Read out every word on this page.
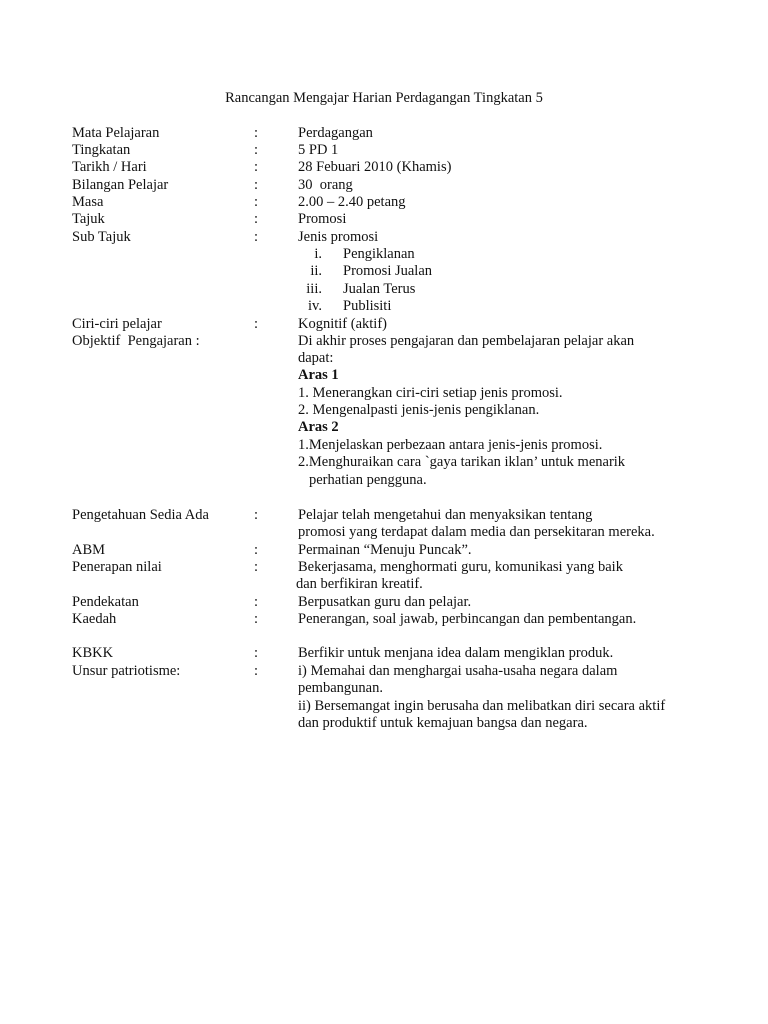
Rancangan Mengajar Harian Perdagangan Tingkatan 5
Mata Pelajaran	:	Perdagangan
Tingkatan	:	5 PD 1
Tarikh / Hari	:	28 Febuari 2010 (Khamis)
Bilangan Pelajar	:	30  orang
Masa	:	2.00 – 2.40 petang
Tajuk	:	Promosi
Sub Tajuk	:	Jenis promosi
i. Pengiklanan
ii. Promosi Jualan
iii. Jualan Terus
iv. Publisiti
Ciri-ciri pelajar	:	Kognitif (aktif)
Objektif  Pengajaran :	Di akhir proses pengajaran dan pembelajaran pelajar akan
dapat:
Aras 1
1. Menerangkan ciri-ciri setiap jenis promosi.
2. Mengenalpasti jenis-jenis pengiklanan.
Aras 2
1.Menjelaskan perbezaan antara jenis-jenis promosi.
2.Menghuraikan cara `gaya tarikan iklan’ untuk menarik
perhatian pengguna.
Pengetahuan Sedia Ada	:	Pelajar telah mengetahui dan menyaksikan tentang
promosi yang terdapat dalam media dan persekitaran mereka.
ABM	:	Permainan “Menuju Puncak”.
Penerapan nilai	:	Bekerjasama, menghormati guru, komunikasi yang baik
dan berfikiran kreatif.
Pendekatan	:	Berpusatkan guru dan pelajar.
Kaedah	:	Penerangan, soal jawab, perbincangan dan pembentangan.
KBKK	:	Berfikir untuk menjana idea dalam mengiklan produk.
Unsur patriotisme:	:	i) Memahai dan menghargai usaha-usaha negara dalam
pembangunan.
ii) Bersemangat ingin berusaha dan melibatkan diri secara aktif
dan produktif untuk kemajuan bangsa dan negara.
